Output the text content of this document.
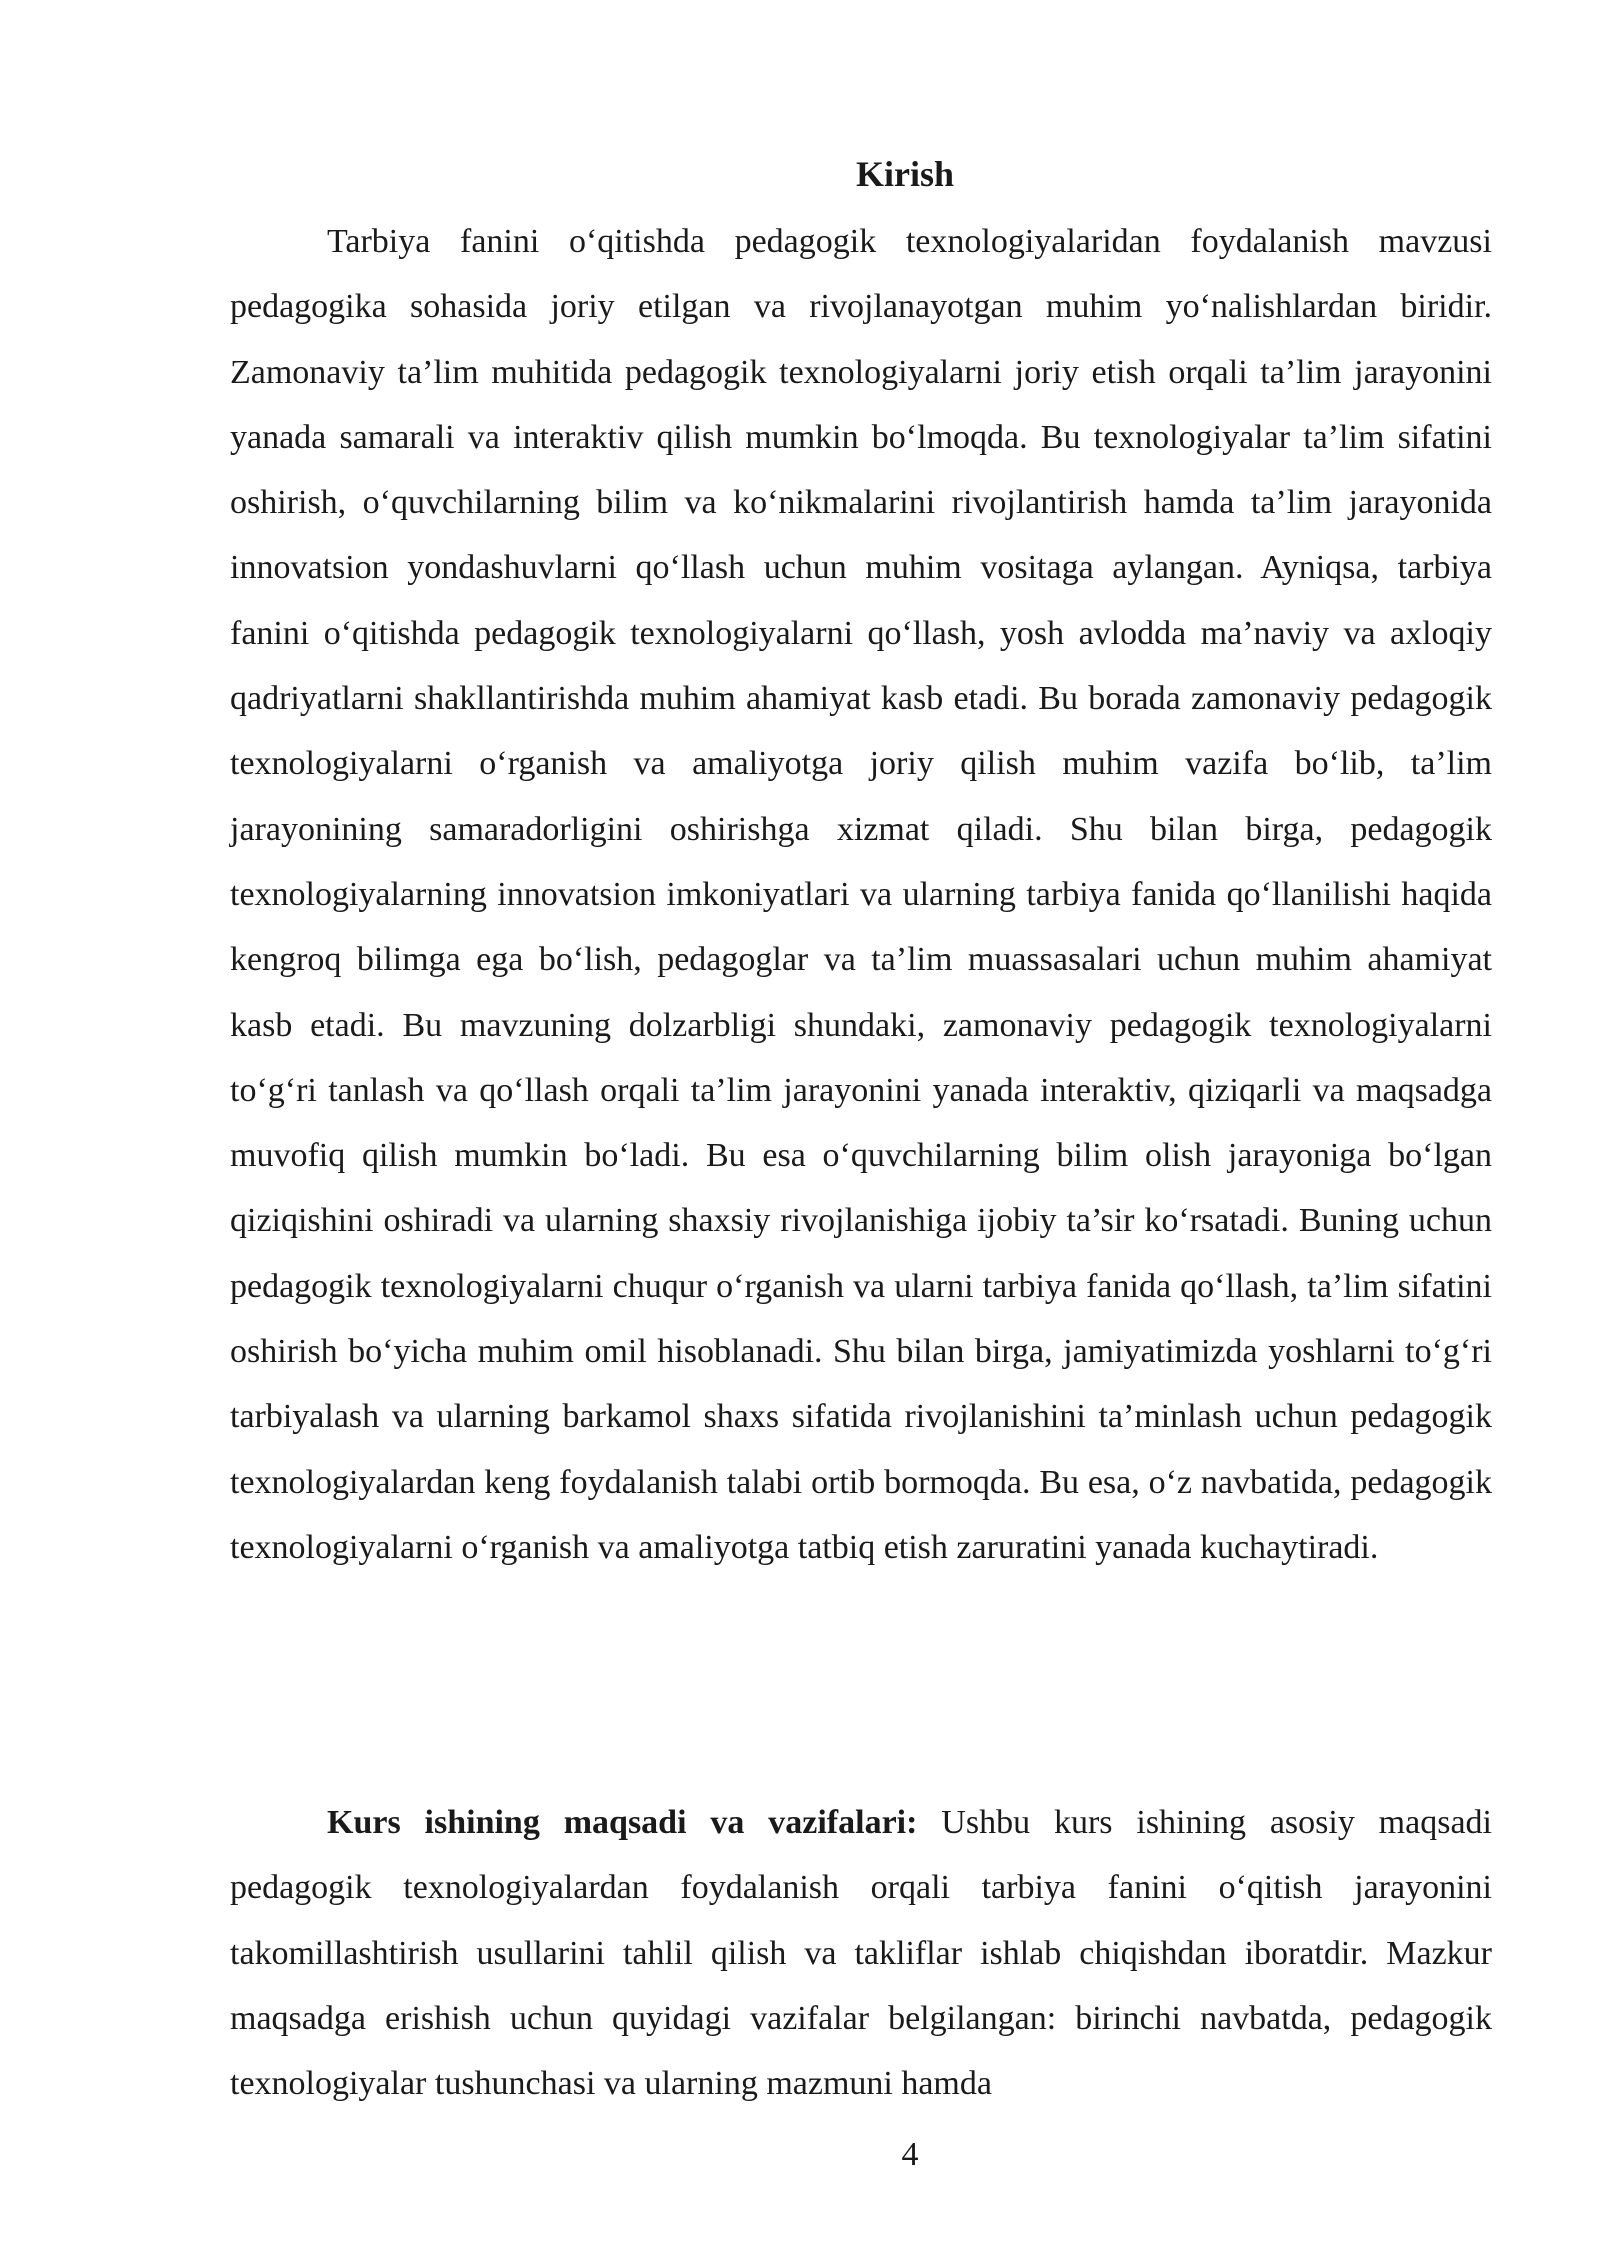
Kirish

Tarbiya fanini o‘qitishda pedagogik texnologiyalaridan foydalanish mavzusi pedagogika sohasida joriy etilgan va rivojlanayotgan muhim yo‘nalishlardan biridir. Zamonaviy ta’lim muhitida pedagogik texnologiyalarni joriy etish orqali ta’lim jarayonini yanada samarali va interaktiv qilish mumkin bo‘lmoqda. Bu texnologiyalar ta’lim sifatini oshirish, o‘quvchilarning bilim va ko‘nikmalarini rivojlantirish hamda ta’lim jarayonida innovatsion yondashuvlarni qo‘llash uchun muhim vositaga aylangan. Ayniqsa, tarbiya fanini o‘qitishda pedagogik texnologiyalarni qo‘llash, yosh avlodda ma’naviy va axloqiy qadriyatlarni shakllantirishda muhim ahamiyat kasb etadi. Bu borada zamonaviy pedagogik texnologiyalarni o‘rganish va amaliyotga joriy qilish muhim vazifa bo‘lib, ta’lim jarayonining samaradorligini oshirishga xizmat qiladi. Shu bilan birga, pedagogik texnologiyalarning innovatsion imkoniyatlari va ularning tarbiya fanida qo‘llanilishi haqida kengroq bilimga ega bo‘lish, pedagoglar va ta’lim muassasalari uchun muhim ahamiyat kasb etadi. Bu mavzuning dolzarbligi shundaki, zamonaviy pedagogik texnologiyalarni to‘g‘ri tanlash va qo‘llash orqali ta’lim jarayonini yanada interaktiv, qiziqarli va maqsadga muvofiq qilish mumkin bo‘ladi. Bu esa o‘quvchilarning bilim olish jarayoniga bo‘lgan qiziqishini oshiradi va ularning shaxsiy rivojlanishiga ijobiy ta’sir ko‘rsatadi. Buning uchun pedagogik texnologiyalarni chuqur o‘rganish va ularni tarbiya fanida qo‘llash, ta’lim sifatini oshirish bo‘yicha muhim omil hisoblanadi. Shu bilan birga, jamiyatimizda yoshlarni to‘g‘ri tarbiyalash va ularning barkamol shaxs sifatida rivojlanishini ta’minlash uchun pedagogik texnologiyalardan keng foydalanish talabi ortib bormoqda. Bu esa, o‘z navbatida, pedagogik texnologiyalarni o‘rganish va amaliyotga tatbiq etish zaruratini yanada kuchaytiradi.

Kurs ishining maqsadi va vazifalari: Ushbu kurs ishining asosiy maqsadi pedagogik texnologiyalardan foydalanish orqali tarbiya fanini o‘qitish jarayonini takomillashtirish usullarini tahlil qilish va takliflar ishlab chiqishdan iboratdir. Mazkur maqsadga erishish uchun quyidagi vazifalar belgilangan: birinchi navbatda, pedagogik texnologiyalar tushunchasi va ularning mazmuni hamda

4
